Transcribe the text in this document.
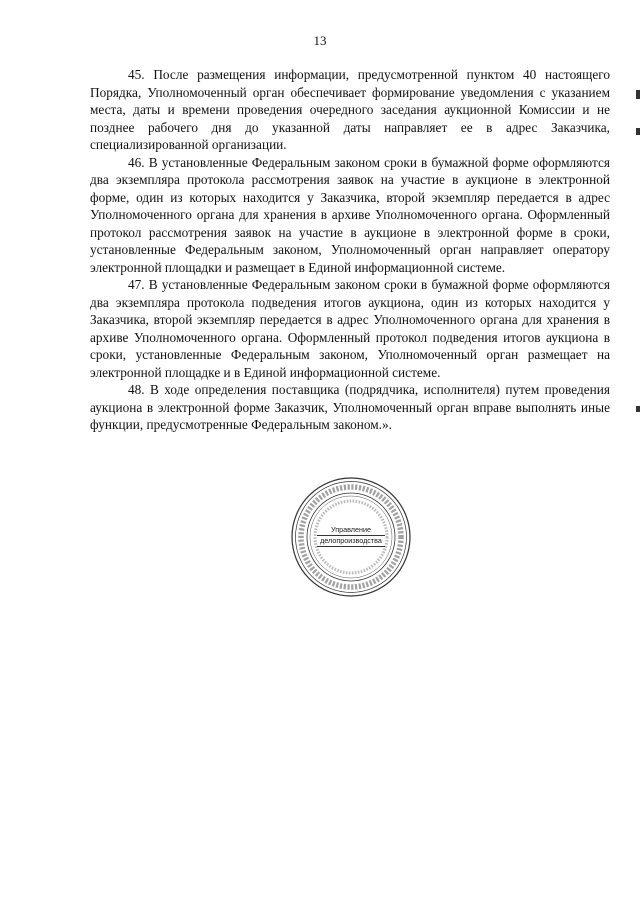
13

45. После размещения информации, предусмотренной пунктом 40 настоящего Порядка, Уполномоченный орган обеспечивает формирование уведомления с указанием места, даты и времени проведения очередного заседания аукционной Комиссии и не позднее рабочего дня до указанной даты направляет ее в адрес Заказчика, специализированной организации.

46. В установленные Федеральным законом сроки в бумажной форме оформляются два экземпляра протокола рассмотрения заявок на участие в аукционе в электронной форме, один из которых находится у Заказчика, второй экземпляр передается в адрес Уполномоченного органа для хранения в архиве Уполномоченного органа. Оформленный протокол рассмотрения заявок на участие в аукционе в электронной форме в сроки, установленные Федеральным законом, Уполномоченный орган направляет оператору электронной площадки и размещает в Единой информационной системе.

47. В установленные Федеральным законом сроки в бумажной форме оформляются два экземпляра протокола подведения итогов аукциона, один из которых находится у Заказчика, второй экземпляр передается в адрес Уполномоченного органа для хранения в архиве Уполномоченного органа. Оформленный протокол подведения итогов аукциона в сроки, установленные Федеральным законом, Уполномоченный орган размещает на электронной площадке и в Единой информационной системе.

48. В ходе определения поставщика (подрядчика, исполнителя) путем проведения аукциона в электронной форме Заказчик, Уполномоченный орган вправе выполнять иные функции, предусмотренные Федеральным законом.».

Управление
делопроизводства
